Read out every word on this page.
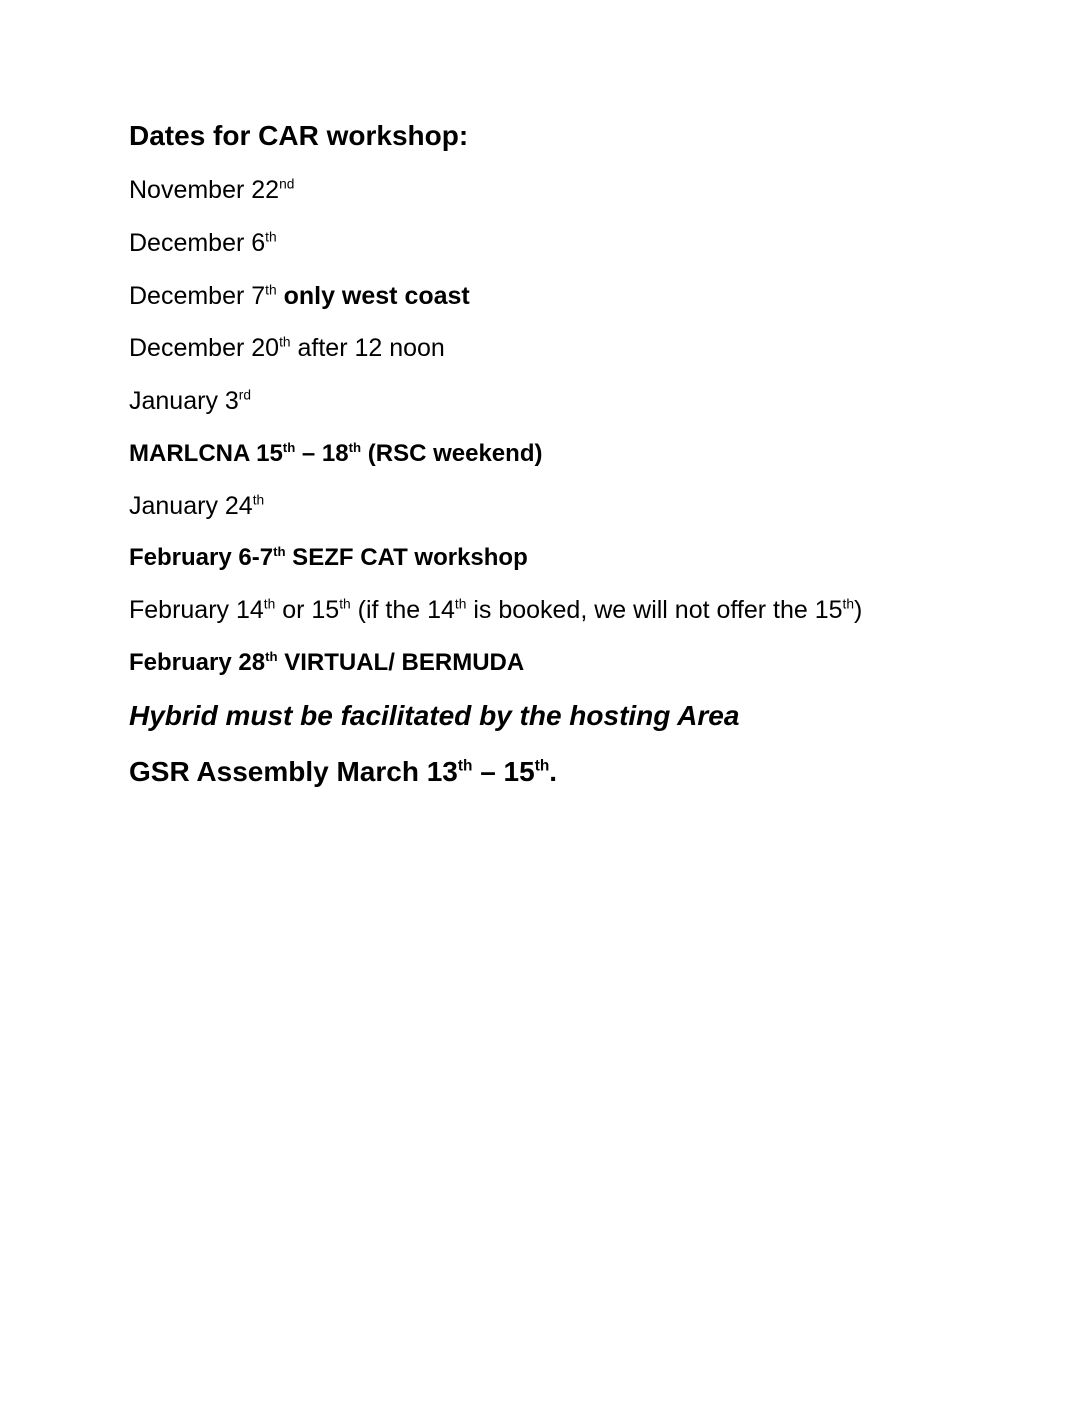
Dates for CAR workshop:

November 22nd

December 6th

December 7th only west coast

December 20th after 12 noon

January 3rd

MARLCNA 15th – 18th (RSC weekend)

January 24th

February 6-7th SEZF CAT workshop

February 14th or 15th (if the 14th is booked, we will not offer the 15th)

February 28th VIRTUAL/ BERMUDA

Hybrid must be facilitated by the hosting Area

GSR Assembly March 13th – 15th.
